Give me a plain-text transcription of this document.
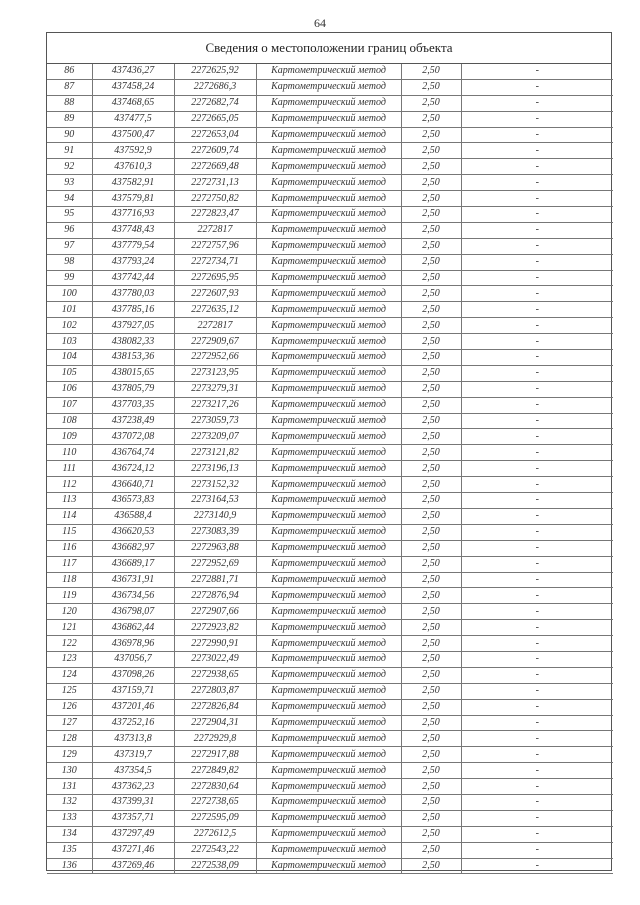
64
Сведения о местоположении границ объекта
86	437436,27	2272625,92	Картометрический метод	2,50	-
87	437458,24	2272686,3	Картометрический метод	2,50	-
88	437468,65	2272682,74	Картометрический метод	2,50	-
89	437477,5	2272665,05	Картометрический метод	2,50	-
90	437500,47	2272653,04	Картометрический метод	2,50	-
91	437592,9	2272609,74	Картометрический метод	2,50	-
92	437610,3	2272669,48	Картометрический метод	2,50	-
93	437582,91	2272731,13	Картометрический метод	2,50	-
94	437579,81	2272750,82	Картометрический метод	2,50	-
95	437716,93	2272823,47	Картометрический метод	2,50	-
96	437748,43	2272817	Картометрический метод	2,50	-
97	437779,54	2272757,96	Картометрический метод	2,50	-
98	437793,24	2272734,71	Картометрический метод	2,50	-
99	437742,44	2272695,95	Картометрический метод	2,50	-
100	437780,03	2272607,93	Картометрический метод	2,50	-
101	437785,16	2272635,12	Картометрический метод	2,50	-
102	437927,05	2272817	Картометрический метод	2,50	-
103	438082,33	2272909,67	Картометрический метод	2,50	-
104	438153,36	2272952,66	Картометрический метод	2,50	-
105	438015,65	2273123,95	Картометрический метод	2,50	-
106	437805,79	2273279,31	Картометрический метод	2,50	-
107	437703,35	2273217,26	Картометрический метод	2,50	-
108	437238,49	2273059,73	Картометрический метод	2,50	-
109	437072,08	2273209,07	Картометрический метод	2,50	-
110	436764,74	2273121,82	Картометрический метод	2,50	-
111	436724,12	2273196,13	Картометрический метод	2,50	-
112	436640,71	2273152,32	Картометрический метод	2,50	-
113	436573,83	2273164,53	Картометрический метод	2,50	-
114	436588,4	2273140,9	Картометрический метод	2,50	-
115	436620,53	2273083,39	Картометрический метод	2,50	-
116	436682,97	2272963,88	Картометрический метод	2,50	-
117	436689,17	2272952,69	Картометрический метод	2,50	-
118	436731,91	2272881,71	Картометрический метод	2,50	-
119	436734,56	2272876,94	Картометрический метод	2,50	-
120	436798,07	2272907,66	Картометрический метод	2,50	-
121	436862,44	2272923,82	Картометрический метод	2,50	-
122	436978,96	2272990,91	Картометрический метод	2,50	-
123	437056,7	2273022,49	Картометрический метод	2,50	-
124	437098,26	2272938,65	Картометрический метод	2,50	-
125	437159,71	2272803,87	Картометрический метод	2,50	-
126	437201,46	2272826,84	Картометрический метод	2,50	-
127	437252,16	2272904,31	Картометрический метод	2,50	-
128	437313,8	2272929,8	Картометрический метод	2,50	-
129	437319,7	2272917,88	Картометрический метод	2,50	-
130	437354,5	2272849,82	Картометрический метод	2,50	-
131	437362,23	2272830,64	Картометрический метод	2,50	-
132	437399,31	2272738,65	Картометрический метод	2,50	-
133	437357,71	2272595,09	Картометрический метод	2,50	-
134	437297,49	2272612,5	Картометрический метод	2,50	-
135	437271,46	2272543,22	Картометрический метод	2,50	-
136	437269,46	2272538,09	Картометрический метод	2,50	-
